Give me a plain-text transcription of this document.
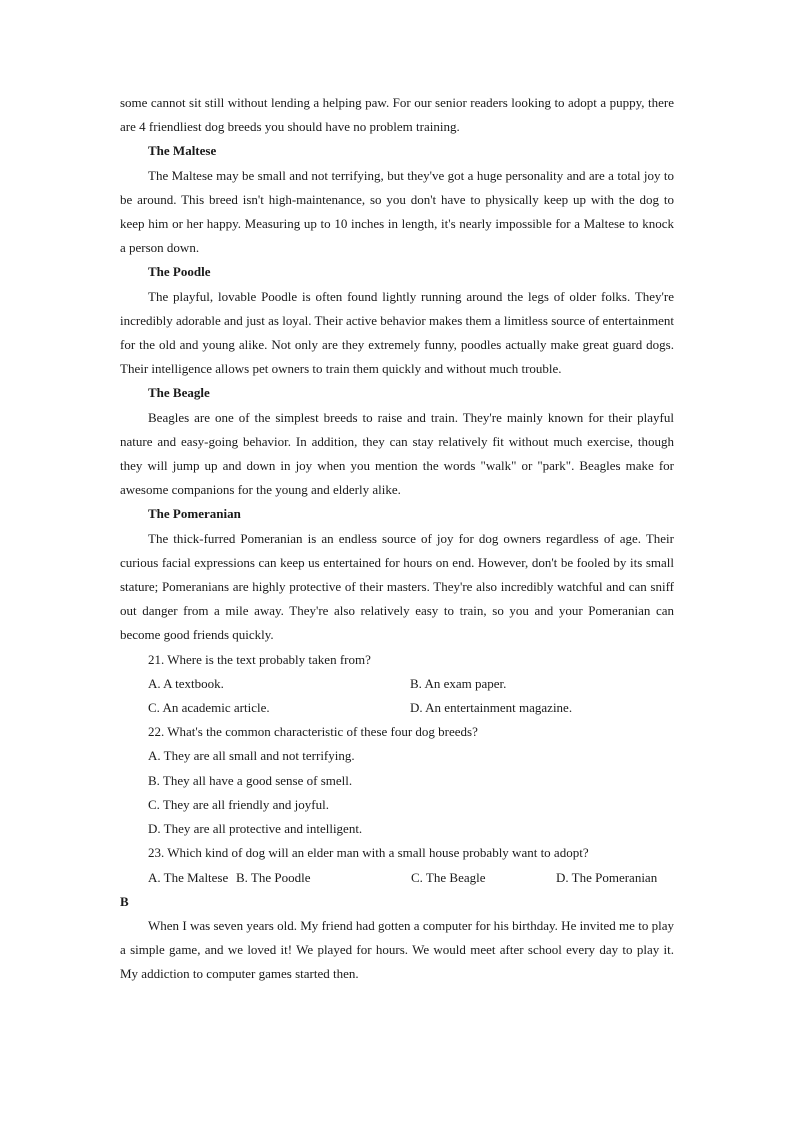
some cannot sit still without lending a helping paw. For our senior readers looking to adopt a puppy, there are 4 friendliest dog breeds you should have no problem training.

The Maltese

The Maltese may be small and not terrifying, but they've got a huge personality and are a total joy to be around. This breed isn't high-maintenance, so you don't have to physically keep up with the dog to keep him or her happy. Measuring up to 10 inches in length, it's nearly impossible for a Maltese to knock a person down.

The Poodle

The playful, lovable Poodle is often found lightly running around the legs of older folks. They're incredibly adorable and just as loyal. Their active behavior makes them a limitless source of entertainment for the old and young alike. Not only are they extremely funny, poodles actually make great guard dogs. Their intelligence allows pet owners to train them quickly and without much trouble.

The Beagle

Beagles are one of the simplest breeds to raise and train. They're mainly known for their playful nature and easy-going behavior. In addition, they can stay relatively fit without much exercise, though they will jump up and down in joy when you mention the words "walk" or "park". Beagles make for awesome companions for the young and elderly alike.

The Pomeranian

The thick-furred Pomeranian is an endless source of joy for dog owners regardless of age. Their curious facial expressions can keep us entertained for hours on end. However, don't be fooled by its small stature; Pomeranians are highly protective of their masters. They're also incredibly watchful and can sniff out danger from a mile away. They're also relatively easy to train, so you and your Pomeranian can become good friends quickly.

21. Where is the text probably taken from?

A. A textbook.	B. An exam paper.
C. An academic article.	D. An entertainment magazine.

22. What's the common characteristic of these four dog breeds?

A. They are all small and not terrifying.

B. They all have a good sense of smell.

C. They are all friendly and joyful.

D. They are all protective and intelligent.

23. Which kind of dog will an elder man with a small house probably want to adopt?

A. The Maltese B. The Poodle	C. The Beagle	D. The Pomeranian

B

When I was seven years old. My friend had gotten a computer for his birthday. He invited me to play a simple game, and we loved it! We played for hours. We would meet after school every day to play it. My addiction to computer games started then.
